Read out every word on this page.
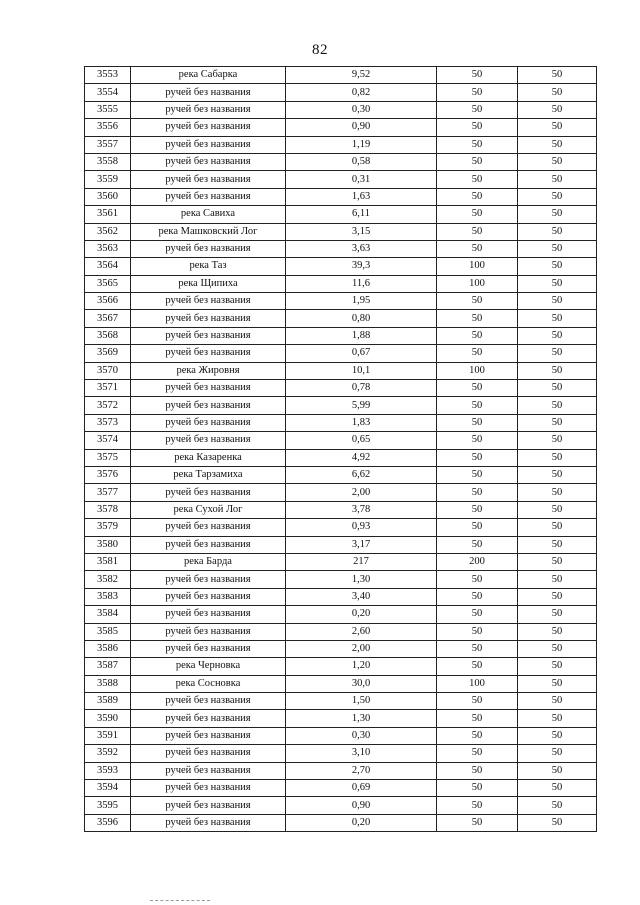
82
3553	река Сабарка	9,52	50	50
3554	ручей без названия	0,82	50	50
3555	ручей без названия	0,30	50	50
3556	ручей без названия	0,90	50	50
3557	ручей без названия	1,19	50	50
3558	ручей без названия	0,58	50	50
3559	ручей без названия	0,31	50	50
3560	ручей без названия	1,63	50	50
3561	река Савиха	6,11	50	50
3562	река Машковский Лог	3,15	50	50
3563	ручей без названия	3,63	50	50
3564	река Таз	39,3	100	50
3565	река Щипиха	11,6	100	50
3566	ручей без названия	1,95	50	50
3567	ручей без названия	0,80	50	50
3568	ручей без названия	1,88	50	50
3569	ручей без названия	0,67	50	50
3570	река Жировня	10,1	100	50
3571	ручей без названия	0,78	50	50
3572	ручей без названия	5,99	50	50
3573	ручей без названия	1,83	50	50
3574	ручей без названия	0,65	50	50
3575	река Казаренка	4,92	50	50
3576	река Тарзамиха	6,62	50	50
3577	ручей без названия	2,00	50	50
3578	река Сухой Лог	3,78	50	50
3579	ручей без названия	0,93	50	50
3580	ручей без названия	3,17	50	50
3581	река Барда	217	200	50
3582	ручей без названия	1,30	50	50
3583	ручей без названия	3,40	50	50
3584	ручей без названия	0,20	50	50
3585	ручей без названия	2,60	50	50
3586	ручей без названия	2,00	50	50
3587	река Черновка	1,20	50	50
3588	река Сосновка	30,0	100	50
3589	ручей без названия	1,50	50	50
3590	ручей без названия	1,30	50	50
3591	ручей без названия	0,30	50	50
3592	ручей без названия	3,10	50	50
3593	ручей без названия	2,70	50	50
3594	ручей без названия	0,69	50	50
3595	ручей без названия	0,90	50	50
3596	ручей без названия	0,20	50	50
